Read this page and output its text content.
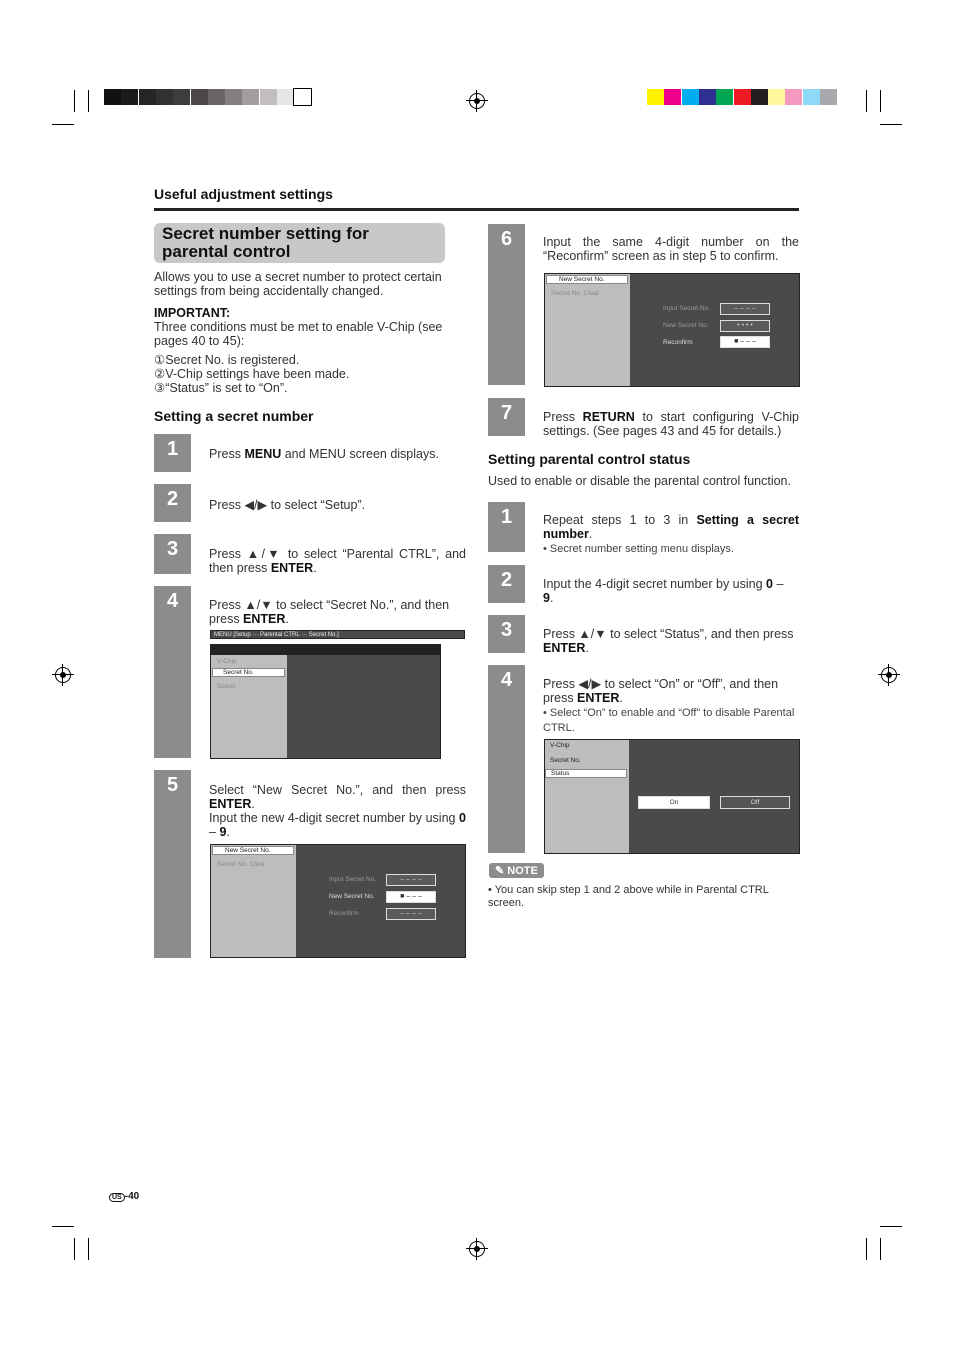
Useful adjustment settings
Secret number setting for parental control

Allows you to use a secret number to protect certain settings from being accidentally changed.

IMPORTANT:

Three conditions must be met to enable V-Chip (see pages 40 to 45):

①Secret No. is registered.

②V-Chip settings have been made.

③“Status” is set to “On”.

Setting a secret number
1	Press MENU and MENU screen displays.
2	Press ◀/▶ to select “Setup”.
3	Press ▲/▼ to select “Parental CTRL”, and then press ENTER.
4	Press ▲/▼ to select “Secret No.”, and then press ENTER.
MENU [Setup ··· Parental CTRL ··· Secret No.]
V-Chip
Secret No.
Status
5	Select “New Secret No.”, and then press ENTER.
Input the new 4-digit secret number by using 0 – 9.
New Secret No.
Secret No. Clear
Input Secret No.	– – – –
New Secret No.	■ – – –
Reconfirm	– – – –
6	Input the same 4-digit number on the “Reconfirm” screen as in step 5 to confirm.
New Secret No.
Secret No. Clear
Input Secret No.	– – – –
New Secret No.	• • • •
Reconfirm	■ – – –
7	Press RETURN to start configuring V-Chip settings. (See pages 43 and 45 for details.)
Setting parental control status

Used to enable or disable the parental control function.

1	Repeat steps 1 to 3 in Setting a secret number.
• Secret number setting menu displays.
2	Input the 4-digit secret number by using 0 –
9.
3	Press ▲/▼ to select “Status”, and then press ENTER.
4	Press ◀/▶ to select “On” or “Off”, and then press ENTER.
• Select “On” to enable and “Off” to disable Parental CTRL.
V-Chip
Secret No.
Status
On	Off
✎ NOTE

• You can skip step 1 and 2 above while in Parental CTRL screen.

US -40
